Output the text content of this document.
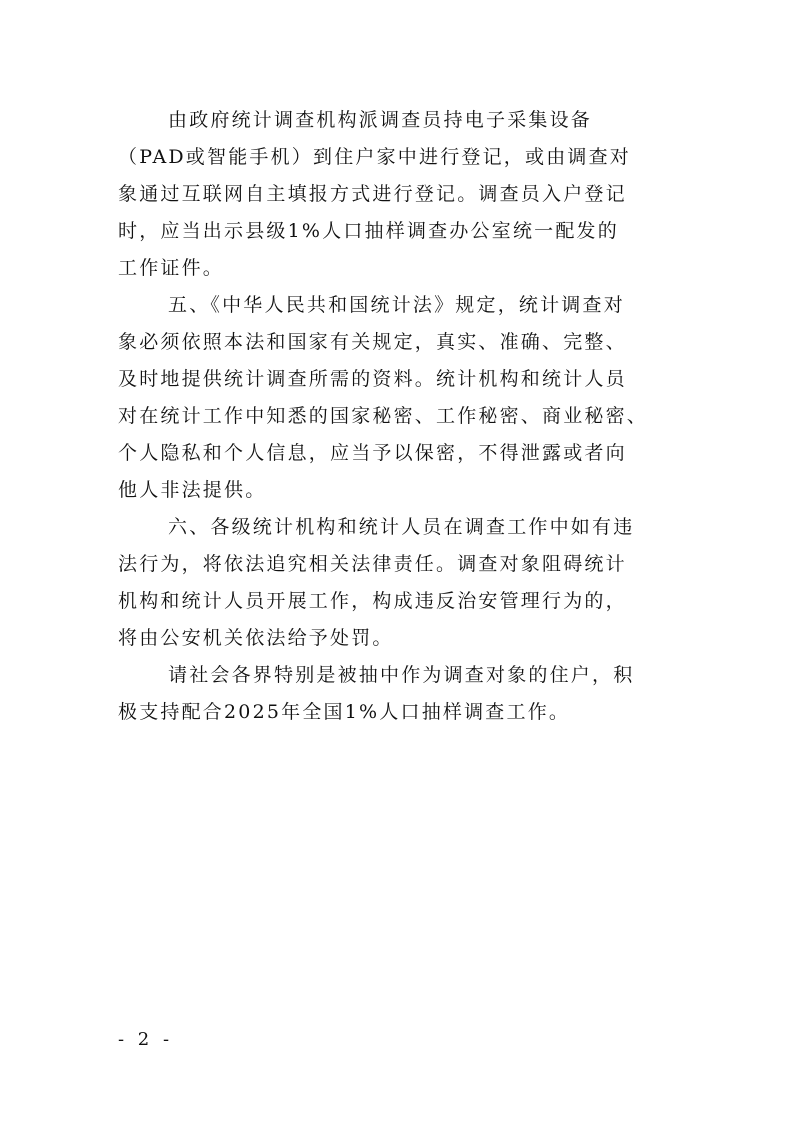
由政府统计调查机构派调查员持电子采集设备
（PAD或智能手机）到住户家中进行登记，或由调查对
象通过互联网自主填报方式进行登记。调查员入户登记
时，应当出示县级1%人口抽样调查办公室统一配发的
工作证件。
五、《中华人民共和国统计法》规定，统计调查对
象必须依照本法和国家有关规定，真实、准确、完整、
及时地提供统计调查所需的资料。统计机构和统计人员
对在统计工作中知悉的国家秘密、工作秘密、商业秘密、
个人隐私和个人信息，应当予以保密，不得泄露或者向
他人非法提供。
六、各级统计机构和统计人员在调查工作中如有违
法行为，将依法追究相关法律责任。调查对象阻碍统计
机构和统计人员开展工作，构成违反治安管理行为的，
将由公安机关依法给予处罚。
请社会各界特别是被抽中作为调查对象的住户，积
极支持配合2025年全国1%人口抽样调查工作。
- 2 -
